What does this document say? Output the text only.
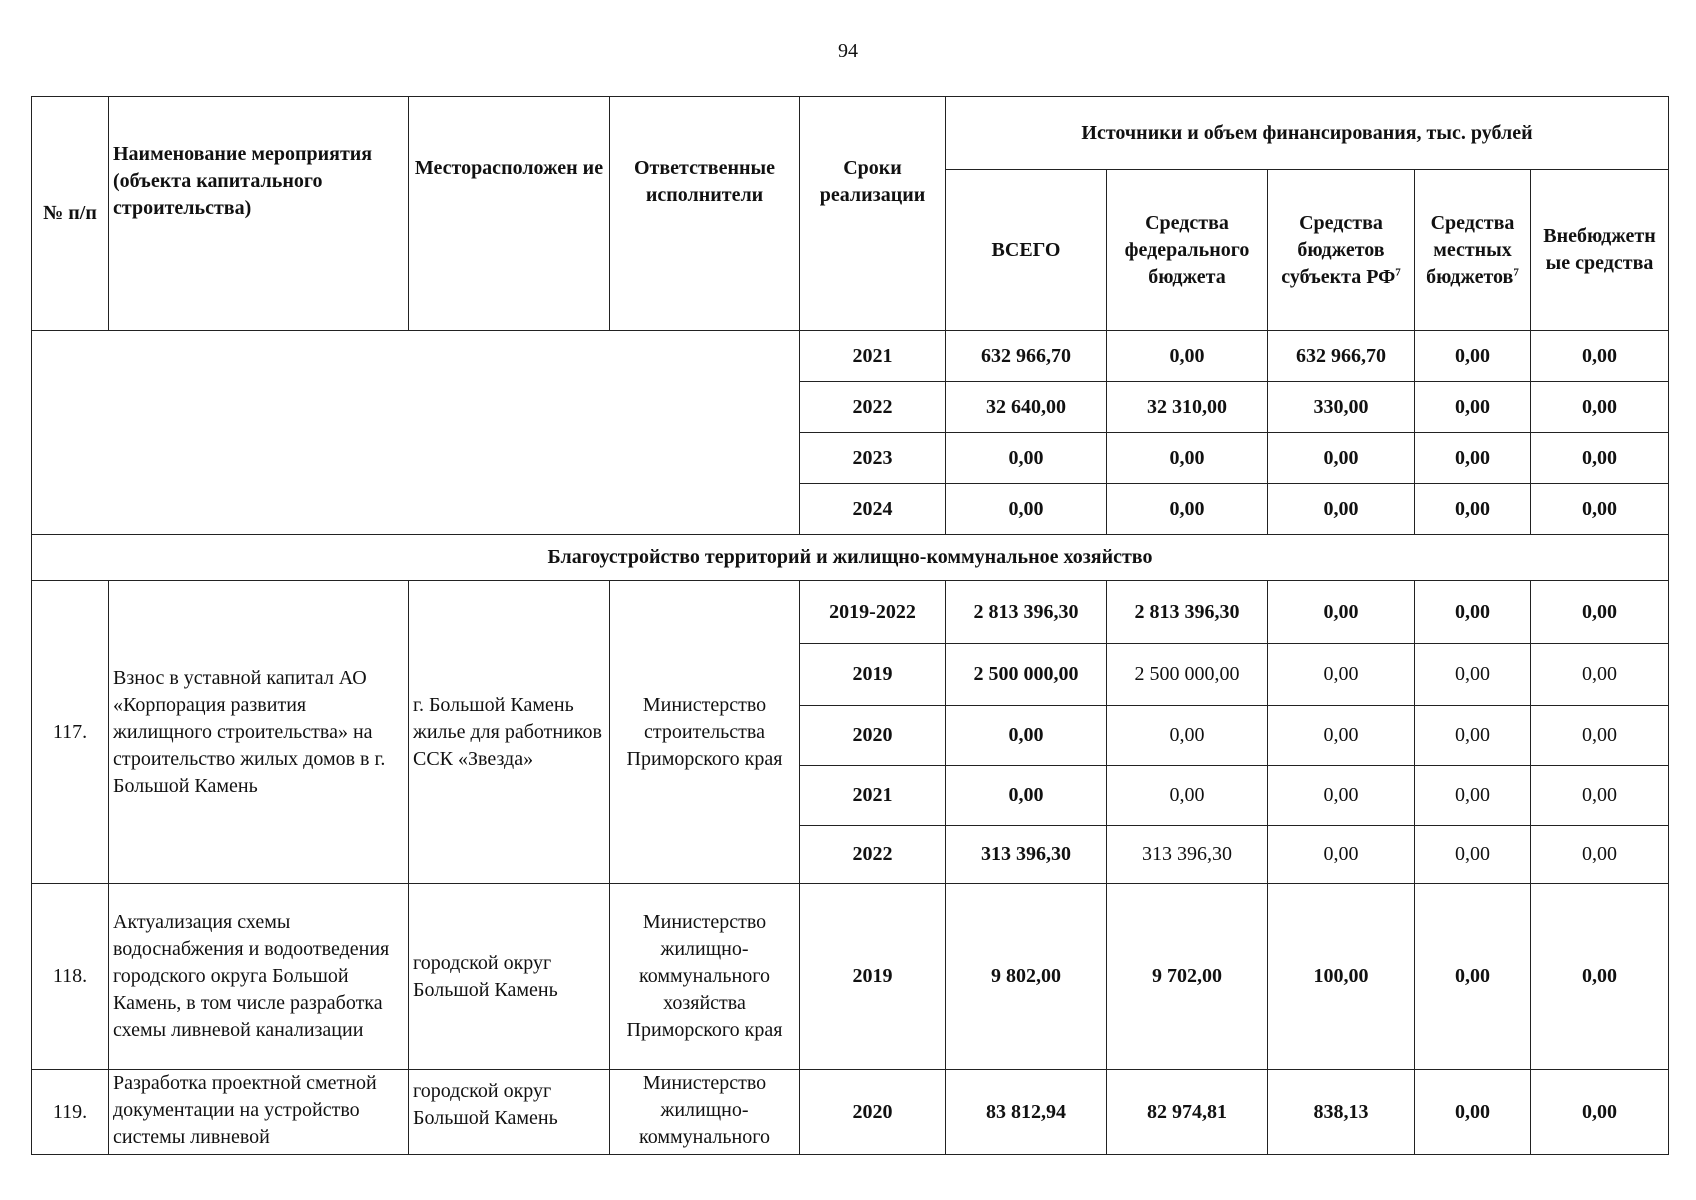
94
№ п/п	Наименование мероприятия (объекта капитального строительства)	Месторасположен ие	Ответственные исполнители	Сроки реализации	Источники и объем финансирования, тыс. рублей				
					ВСЕГО	Средства федерального бюджета	Средства бюджетов субъекта $РФ^7$	Средства местных бюджетов$^7$	Внебюджетн ые средства
				2021	632 966,70	0,00	632 966,70	0,00	0,00
				2022	32 640,00	32 310,00	330,00	0,00	0,00
				2023	0,00	0,00	0,00	0,00	0,00
				2024	0,00	0,00	0,00	0,00	0,00
Благоустройство территорий и жилищно-коммунальное хозяйство									
117.	Взнос в уставной капитал АО «Корпорация развития жилищного строительства» на строительство жилых домов в г. Большой Камень	г. Большой Камень жилье для работников ССК «Звезда»	Министерство строительства Приморского края	2019-2022	2 813 396,30	2 813 396,30	0,00	0,00	0,00
				2019	2 500 000,00	2 500 000,00	0,00	0,00	0,00
				2020	0,00	0,00	0,00	0,00	0,00
				2021	0,00	0,00	0,00	0,00	0,00
				2022	313 396,30	313 396,30	0,00	0,00	0,00
118.	Актуализация схемы водоснабжения и водоотведения городского округа Большой Камень, в том числе разработка схемы ливневой канализации	городской округ Большой Камень	Министерство жилищно-коммунального хозяйства Приморского края	2019	9 802,00	9 702,00	100,00	0,00	0,00
119.	Разработка проектной сметной документации на устройство системы ливневой	городской округ Большой Камень	Министерство жилищно-коммунального	2020	83 812,94	82 974,81	838,13	0,00	0,00
